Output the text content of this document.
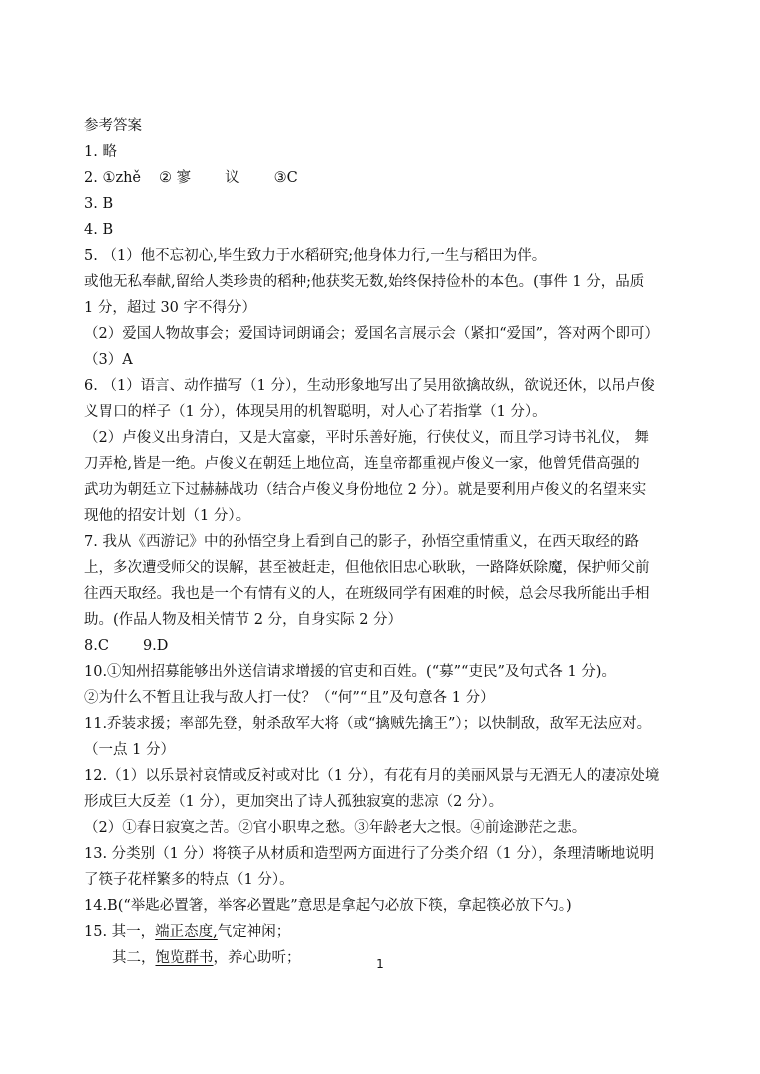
参考答案
1. 略
2. ①zhě ② 寥 议 ③C
3. B
4. B
5. （1）他不忘初心,毕生致力于水稻研究;他身体力行,一生与稻田为伴。
或他无私奉献,留给人类珍贵的稻种;他获奖无数,始终保持俭朴的本色。(事件 1 分，品质
1 分，超过 30 字不得分）
（2）爱国人物故事会；爱国诗词朗诵会；爱国名言展示会（紧扣“爱国”，答对两个即可）
（3）A
6. （1）语言、动作描写（1 分），生动形象地写出了吴用欲擒故纵，欲说还休，以吊卢俊
义胃口的样子（1 分），体现吴用的机智聪明，对人心了若指掌（1 分）。
（2）卢俊义出身清白，又是大富豪，平时乐善好施，行侠仗义，而且学习诗书礼仪， 舞
刀弄枪,皆是一绝。卢俊义在朝廷上地位高，连皇帝都重视卢俊义一家，他曾凭借高强的
武功为朝廷立下过赫赫战功（结合卢俊义身份地位 2 分）。就是要利用卢俊义的名望来实
现他的招安计划（1 分）。
7. 我从《西游记》中的孙悟空身上看到自己的影子，孙悟空重情重义，在西天取经的路
上，多次遭受师父的误解，甚至被赶走，但他依旧忠心耿耿，一路降妖除魔，保护师父前
往西天取经。我也是一个有情有义的人，在班级同学有困难的时候，总会尽我所能出手相
助。(作品人物及相关情节 2 分，自身实际 2 分）
8.C 9.D
10.①知州招募能够出外送信请求增援的官吏和百姓。(“募”“吏民”及句式各 1 分)。
②为什么不暂且让我与敌人打一仗？（“何”“且”及句意各 1 分）
11.乔装求援；率部先登，射杀敌军大将（或“擒贼先擒王”）；以快制敌，敌军无法应对。
（一点 1 分）
12.（1）以乐景衬哀情或反衬或对比（1 分），有花有月的美丽风景与无酒无人的凄凉处境
形成巨大反差（1 分），更加突出了诗人孤独寂寞的悲凉（2 分）。
（2）①春日寂寞之苦。②官小职卑之愁。③年龄老大之恨。④前途渺茫之悲。
13. 分类别（1 分）将筷子从材质和造型两方面进行了分类介绍（1 分），条理清晰地说明
了筷子花样繁多的特点（1 分）。
14.B(“举匙必置箸，举客必置匙”意思是拿起勺必放下筷，拿起筷必放下勺。)
15. 其一，端正态度,气定神闲；
其二，饱览群书，养心助听；	1
